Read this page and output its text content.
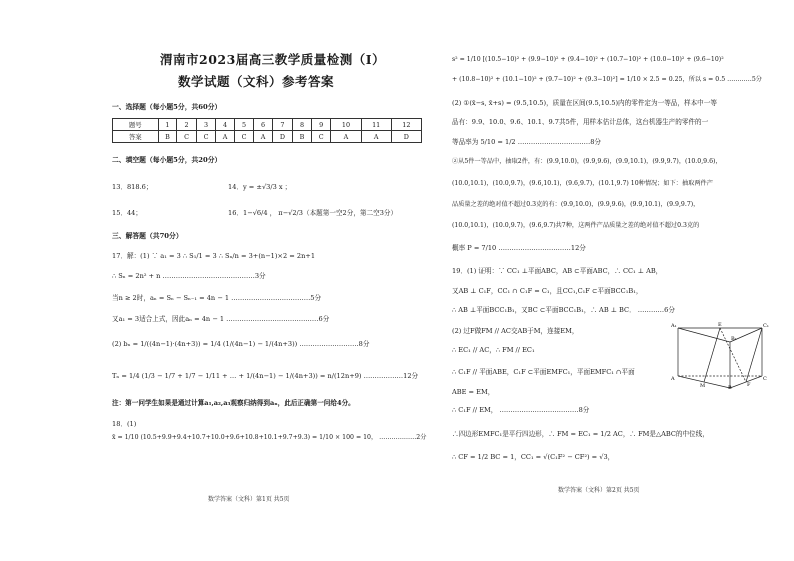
渭南市2023届高三教学质量检测（Ⅰ）
数学试题（文科）参考答案
一、选择题（每小题5分，共60分）
题号	1	2	3	4	5	6	7	8	9	10	11	12
答案	B	C	C	A	C	A	D	B	C	A	A	D
二、填空题（每小题5分，共20分）
13．818.6；	14．y = ±√3/3 x ；
15．44；	16．1−√6/4 ， π−√2/3（本题第一空2分，第二空3分）
三、解答题（共70分）
17．解：(1) ∵ a₁ = 3 ∴ S₁/1 = 3 ∴ Sₙ/n = 3+(n−1)×2 = 2n+1
∴ Sₙ = 2n² + n ……………………………………3分
当n ≥ 2时，aₙ = Sₙ − Sₙ₋₁ = 4n − 1 ………………………………5分
又a₁ = 3适合上式，因此aₙ = 4n − 1 ……………………………………6分
(2) bₙ = 1/((4n−1)·(4n+3)) = 1/4 (1/(4n−1) − 1/(4n+3)) ………………………8分
Tₙ = 1/4 (1/3 − 1/7 + 1/7 − 1/11 + … + 1/(4n−1) − 1/(4n+3)) = n/(12n+9) ………………12分
注：第一问学生如果是通过计算a₁,a₂,a₃观察归纳得到aₙ，此后正确第一问给4分。
18．(1)
x̄ = 1/10 (10.5+9.9+9.4+10.7+10.0+9.6+10.8+10.1+9.7+9.3) = 1/10 × 100 = 10， ………………2分
数学答案（文科）第1页 共5页
s² = 1/10 [(10.5−10)² + (9.9−10)² + (9.4−10)² + (10.7−10)² + (10.0−10)² + (9.6−10)²
+ (10.8−10)² + (10.1−10)² + (9.7−10)² + (9.3−10)²] = 1/10 × 2.5 = 0.25，所以 s = 0.5 …………5分
(2) ①(x̄−s, x̄+s) = (9.5,10.5)，质量在区间(9.5,10.5)内的零件定为一等品，样本中一等
品有：9.9、10.0、9.6、10.1、9.7共5件，用样本估计总体，这台机器生产的零件的一
等品率为 5/10 = 1/2 ……………………………8分
②从5件一等品中，抽取2件，有：(9.9,10.0)，(9.9,9.6)，(9.9,10.1)，(9.9,9.7)，(10.0,9.6)，
(10.0,10.1)，(10.0,9.7)，(9.6,10.1)，(9.6,9.7)，(10.1,9.7) 10种情况；如下：抽取两件产
品质量之差的绝对值不超过0.3克的有：(9.9,10.0)，(9.9,9.6)，(9.9,10.1)，(9.9,9.7)，
(10.0,10.1)，(10.0,9.7)，(9.6,9.7)共7种，这两件产品质量之差的绝对值不超过0.3克的
概率 P = 7/10 ……………………………12分
19．(1) 证明：∵ CC₁ ⊥平面ABC，AB ⊂平面ABC，∴ CC₁ ⊥ AB，
又AB ⊥ C₁F，CC₁ ∩ C₁F = C₁，且CC₁,C₁F ⊂平面BCC₁B₁，
∴ AB ⊥平面BCC₁B₁，又BC ⊂平面BCC₁B₁，∴ AB ⊥ BC． …………6分
(2) 过F做FM // AC交AB于M，连接EM，
∴ EC₁ // AC，∴ FM // EC₁
∴ C₁F // 平面ABE，C₁F ⊂平面EMFC₁，平面EMFC₁ ∩平面
ABE = EM，
∴ C₁F // EM， ………………………………8分
∴四边形EMFC₁是平行四边形，∴ FM = EC₁ = 1/2 AC，∴ FM是△ABC的中位线，
∴ CF = 1/2 BC = 1，CC₁ = √(C₁F² − CF²) = √3，
A₁	C₁
B₁
E
A	C
F
M	B
数学答案（文科）第2页 共5页
